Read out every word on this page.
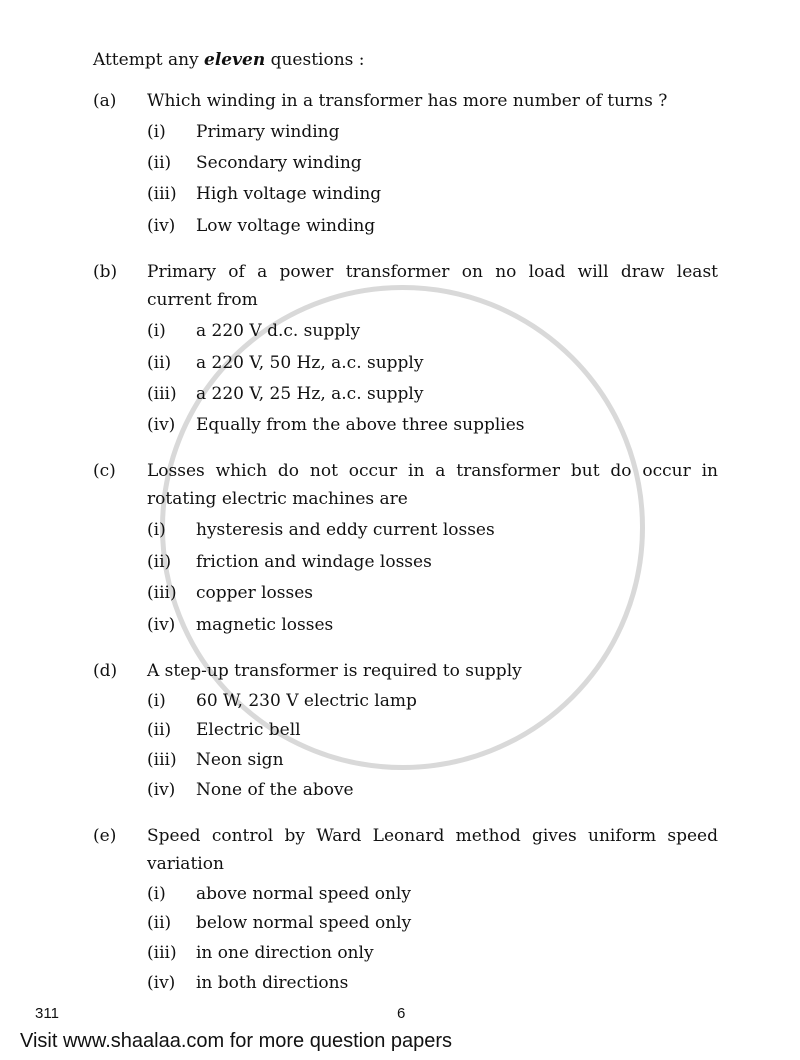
Attempt any eleven questions :
(a) Which winding in a transformer has more number of turns ?
(i) Primary winding
(ii) Secondary winding
(iii) High voltage winding
(iv) Low voltage winding
(b) Primary of a power transformer on no load will draw least current from
(i) a 220 V d.c. supply
(ii) a 220 V, 50 Hz, a.c. supply
(iii) a 220 V, 25 Hz, a.c. supply
(iv) Equally from the above three supplies
(c) Losses which do not occur in a transformer but do occur in rotating electric machines are
(i) hysteresis and eddy current losses
(ii) friction and windage losses
(iii) copper losses
(iv) magnetic losses
(d) A step-up transformer is required to supply
(i) 60 W, 230 V electric lamp
(ii) Electric bell
(iii) Neon sign
(iv) None of the above
(e) Speed control by Ward Leonard method gives uniform speed variation
(i) above normal speed only
(ii) below normal speed only
(iii) in one direction only
(iv) in both directions
311	6
Visit www.shaalaa.com for more question papers
